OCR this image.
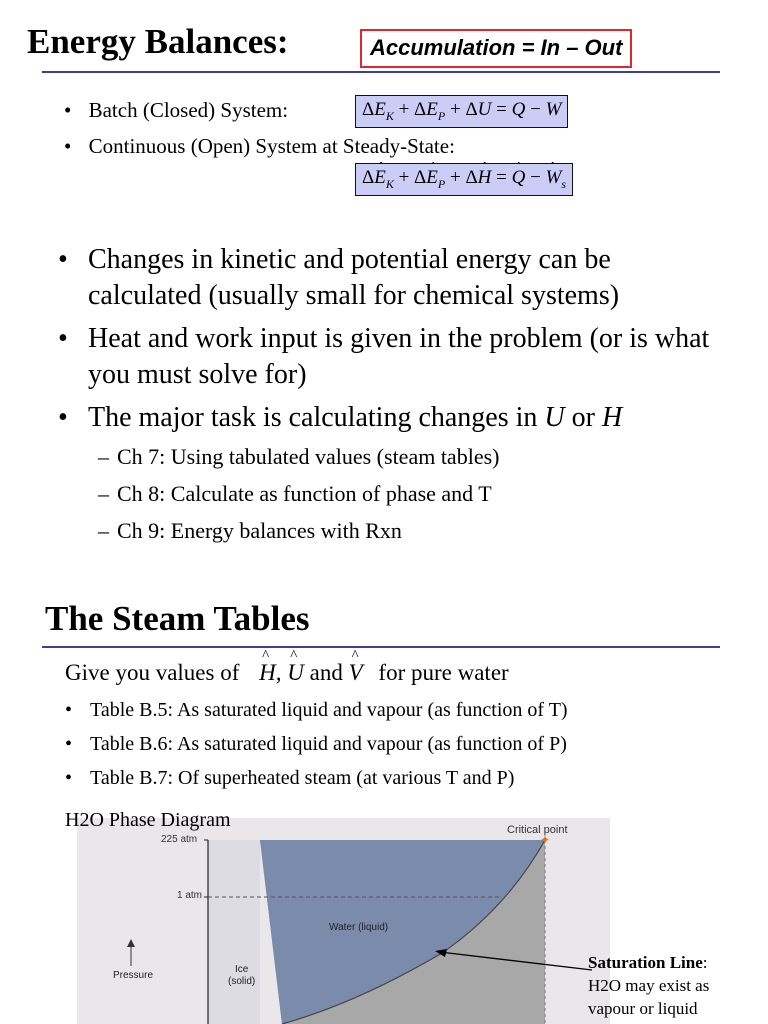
Energy Balances:	Accumulation = In – Out
• Batch (Closed) System:	$\Delta E_K + \Delta E_P + \Delta U = Q - W$
• Continuous (Open) System at Steady-State:
$\Delta\cdot E_K + \Delta\cdot E_P + \Delta\cdot H$ = · Q − · $W_s$
• Changes in kinetic and potential energy can be calculated (usually small for chemical systems)
• Heat and work input is given in the problem (or is what you must solve for)
• The major task is calculating changes in U or H
– Ch 7: Using tabulated values (steam tables)
– Ch 8: Calculate as function of phase and T
– Ch 9: Energy balances with Rxn
The Steam Tables
Give you values of ^ H, ^ U and ^ V for pure water
• Table B.5: As saturated liquid and vapour (as function of T)
• Table B.6: As saturated liquid and vapour (as function of P)
• Table B.7: Of superheated steam (at various T and P)
✦
225 atm
1 atm
Critical point
Water (liquid)
Ice
(solid)
Pressure
H2O Phase Diagram
Saturation Line:
H2O may exist as
vapour or liquid
